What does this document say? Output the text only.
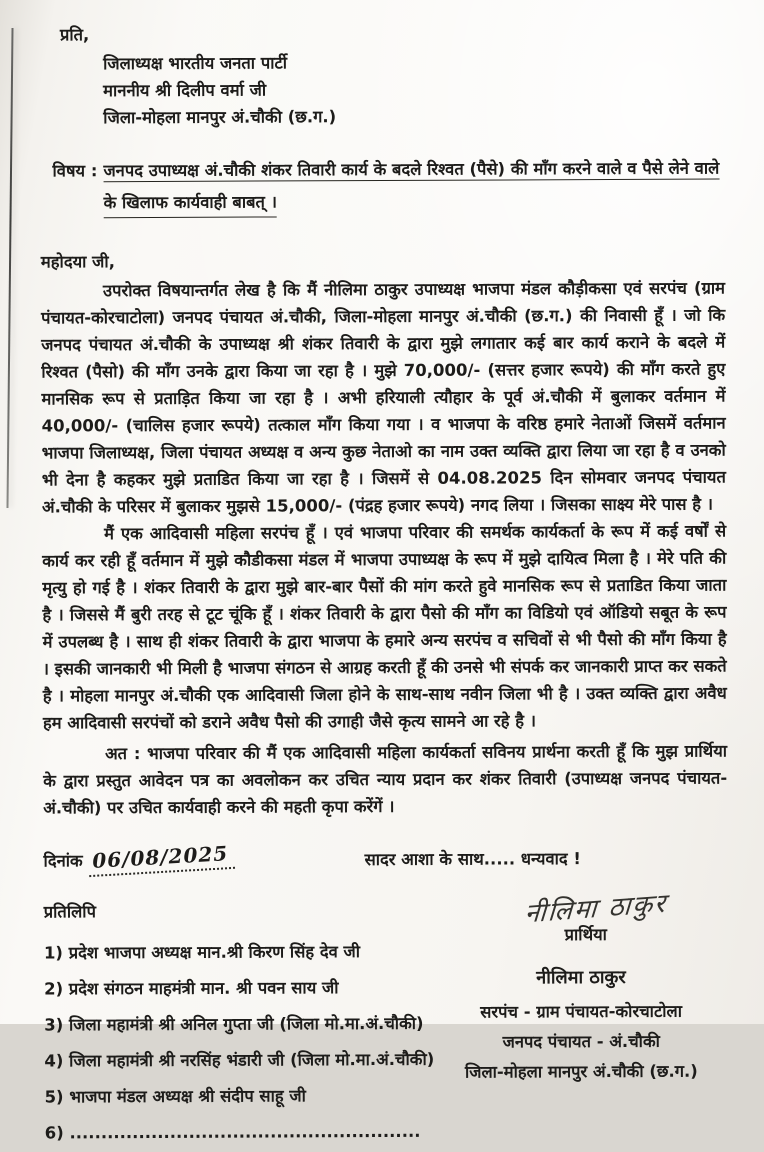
प्रति,
जिलाध्यक्ष भारतीय जनता पार्टी
माननीय श्री दिलीप वर्मा जी
जिला-मोहला मानपुर अं.चौकी (छ.ग.)
विषय : जनपद उपाध्यक्ष अं.चौकी शंकर तिवारी कार्य के बदले रिश्वत (पैसे) की माँग करने वाले व पैसे लेने वाले
के खिलाफ कार्यवाही बाबत् ।
महोदया जी,

उपरोक्त विषयान्तर्गत लेख है कि मैं नीलिमा ठाकुर उपाध्यक्ष भाजपा मंडल कौड़ीकसा एवं सरपंच (ग्राम पंचायत-कोरचाटोला) जनपद पंचायत अं.चौकी, जिला-मोहला मानपुर अं.चौकी (छ.ग.) की निवासी हूँ । जो कि जनपद पंचायत अं.चौकी के उपाध्यक्ष श्री शंकर तिवारी के द्वारा मुझे लगातार कई बार कार्य कराने के बदले में रिश्वत (पैसो) की माँग उनके द्वारा किया जा रहा है । मुझे 70,000/- (सत्तर हजार रूपये) की माँग करते हुए मानसिक रूप से प्रताड़ित किया जा रहा है । अभी हरियाली त्यौहार के पूर्व अं.चौकी में बुलाकर वर्तमान में 40,000/- (चालिस हजार रूपये) तत्काल माँग किया गया । व भाजपा के वरिष्ठ हमारे नेताओं जिसमें वर्तमान भाजपा जिलाध्यक्ष, जिला पंचायत अध्यक्ष व अन्य कुछ नेताओ का नाम उक्त व्यक्ति द्वारा लिया जा रहा है व उनको भी देना है कहकर मुझे प्रताडित किया जा रहा है । जिसमें से 04.08.2025 दिन सोमवार जनपद पंचायत अं.चौकी के परिसर में बुलाकर मुझसे 15,000/- (पंद्रह हजार रूपये) नगद लिया । जिसका साक्ष्य मेरे पास है ।

मैं एक आदिवासी महिला सरपंच हूँ । एवं भाजपा परिवार की समर्थक कार्यकर्ता के रूप में कई वर्षों से कार्य कर रही हूँ वर्तमान में मुझे कौडीकसा मंडल में भाजपा उपाध्यक्ष के रूप में मुझे दायित्व मिला है । मेरे पति की मृत्यु हो गई है । शंकर तिवारी के द्वारा मुझे बार-बार पैसों की मांग करते हुवे मानसिक रूप से प्रताडित किया जाता है । जिससे मैं बुरी तरह से टूट चूंकि हूँ । शंकर तिवारी के द्वारा पैसो की माँग का विडियो एवं ऑडियो सबूत के रूप में उपलब्ध है । साथ ही शंकर तिवारी के द्वारा भाजपा के हमारे अन्य सरपंच व सचिवों से भी पैसो की माँग किया है । इसकी जानकारी भी मिली है भाजपा संगठन से आग्रह करती हूँ की उनसे भी संपर्क कर जानकारी प्राप्त कर सकते है । मोहला मानपुर अं.चौकी एक आदिवासी जिला होने के साथ-साथ नवीन जिला भी है । उक्त व्यक्ति द्वारा अवैध हम आदिवासी सरपंचों को डराने अवैध पैसो की उगाही जैसे कृत्य सामने आ रहे है ।

अत : भाजपा परिवार की मैं एक आदिवासी महिला कार्यकर्ता सविनय प्रार्थना करती हूँ कि मुझ प्रार्थिया के द्वारा प्रस्तुत आवेदन पत्र का अवलोकन कर उचित न्याय प्रदान कर शंकर तिवारी (उपाध्यक्ष जनपद पंचायत-अं.चौकी) पर उचित कार्यवाही करने की महती कृपा करेंगें ।

दिनांक 06/08/2025	सादर आशा के साथ..... धन्यवाद !
प्रतिलिपि
1) प्रदेश भाजपा अध्यक्ष मान.श्री किरण सिंह देव जी
2) प्रदेश संगठन माहमंत्री मान. श्री पवन साय जी
3) जिला महामंत्री श्री अनिल गुप्ता जी (जिला मो.मा.अं.चौकी)
4) जिला महामंत्री श्री नरसिंह भंडारी जी (जिला मो.मा.अं.चौकी)
5) भाजपा मंडल अध्यक्ष श्री संदीप साहू जी
6) ........................................................
नीलिमा ठाकुर
प्रार्थिया
नीलिमा ठाकुर
सरपंच - ग्राम पंचायत-कोरचाटोला
जनपद पंचायत - अं.चौकी
जिला-मोहला मानपुर अं.चौकी (छ.ग.)
